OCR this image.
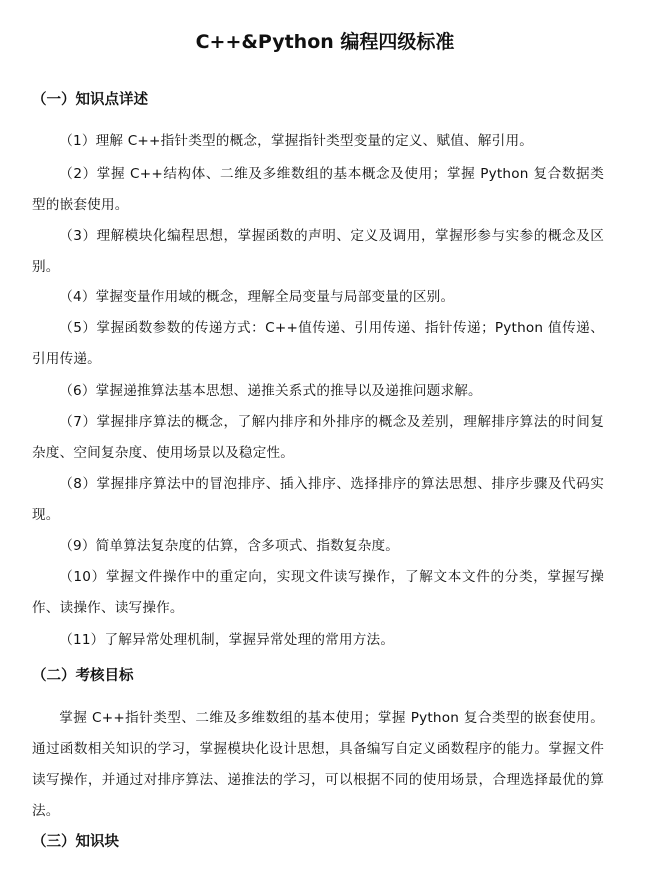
C++&Python 编程四级标准
（一）知识点详述

（1）理解 C++指针类型的概念，掌握指针类型变量的定义、赋值、解引用。

（2）掌握 C++结构体、二维及多维数组的基本概念及使用；掌握 Python 复合数据类型的嵌套使用。

（3）理解模块化编程思想，掌握函数的声明、定义及调用，掌握形参与实参的概念及区别。

（4）掌握变量作用域的概念，理解全局变量与局部变量的区别。

（5）掌握函数参数的传递方式：C++值传递、引用传递、指针传递；Python 值传递、引用传递。

（6）掌握递推算法基本思想、递推关系式的推导以及递推问题求解。

（7）掌握排序算法的概念，了解内排序和外排序的概念及差别，理解排序算法的时间复杂度、空间复杂度、使用场景以及稳定性。

（8）掌握排序算法中的冒泡排序、插入排序、选择排序的算法思想、排序步骤及代码实现。

（9）简单算法复杂度的估算，含多项式、指数复杂度。

（10）掌握文件操作中的重定向，实现文件读写操作，了解文本文件的分类，掌握写操作、读操作、读写操作。

（11）了解异常处理机制，掌握异常处理的常用方法。

（二）考核目标

掌握 C++指针类型、二维及多维数组的基本使用；掌握 Python 复合类型的嵌套使用。通过函数相关知识的学习，掌握模块化设计思想，具备编写自定义函数程序的能力。掌握文件读写操作，并通过对排序算法、递推法的学习，可以根据不同的使用场景，合理选择最优的算法。

（三）知识块
